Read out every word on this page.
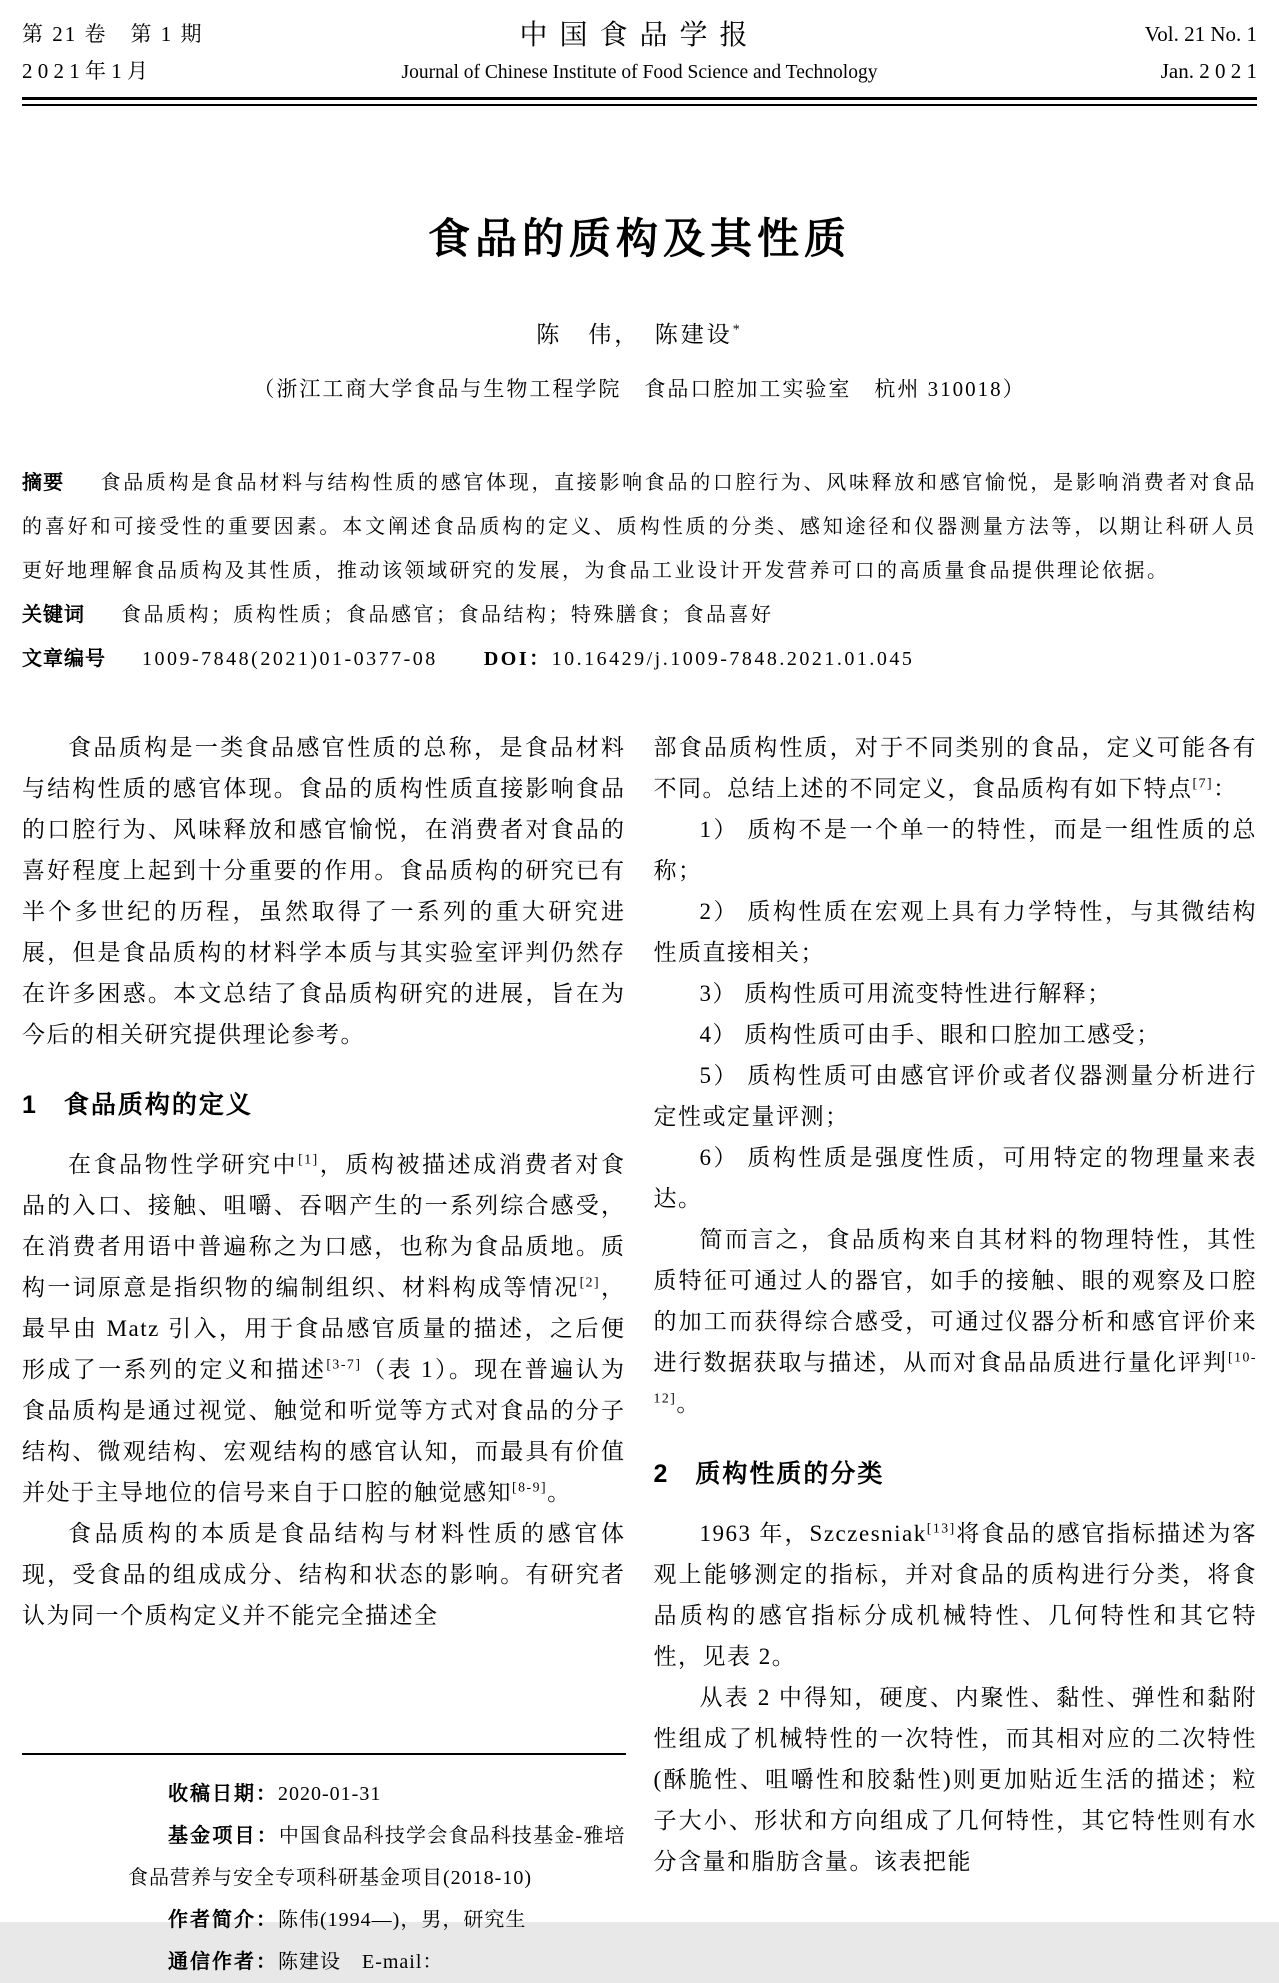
第 21 卷　第 1 期
2 0 2 1 年 1 月
中国食品学报
Journal of Chinese Institute of Food Science and Technology
Vol. 21 No. 1
Jan. 2 0 2 1
食品的质构及其性质
陈　伟，　陈建设*
（浙江工商大学食品与生物工程学院　食品口腔加工实验室　杭州 310018）

摘要 食品质构是食品材料与结构性质的感官体现，直接影响食品的口腔行为、风味释放和感官愉悦，是影响消费者对食品的喜好和可接受性的重要因素。本文阐述食品质构的定义、质构性质的分类、感知途径和仪器测量方法等，以期让科研人员更好地理解食品质构及其性质，推动该领域研究的发展，为食品工业设计开发营养可口的高质量食品提供理论依据。

关键词 食品质构；质构性质；食品感官；食品结构；特殊膳食；食品喜好

文章编号 1009-7848(2021)01-0377-08 DOI：10.16429/j.1009-7848.2021.01.045

食品质构是一类食品感官性质的总称，是食品材料与结构性质的感官体现。食品的质构性质直接影响食品的口腔行为、风味释放和感官愉悦，在消费者对食品的喜好程度上起到十分重要的作用。食品质构的研究已有半个多世纪的历程，虽然取得了一系列的重大研究进展，但是食品质构的材料学本质与其实验室评判仍然存在许多困惑。本文总结了食品质构研究的进展，旨在为今后的相关研究提供理论参考。

1 食品质构的定义

在食品物性学研究中[1]，质构被描述成消费者对食品的入口、接触、咀嚼、吞咽产生的一系列综合感受，在消费者用语中普遍称之为口感，也称为食品质地。质构一词原意是指织物的编制组织、材料构成等情况[2]，最早由 Matz 引入，用于食品感官质量的描述，之后便形成了一系列的定义和描述[3-7]（表 1）。现在普遍认为食品质构是通过视觉、触觉和听觉等方式对食品的分子结构、微观结构、宏观结构的感官认知，而最具有价值并处于主导地位的信号来自于口腔的触觉感知[8-9]。

食品质构的本质是食品结构与材料性质的感官体现，受食品的组成成分、结构和状态的影响。有研究者认为同一个质构定义并不能完全描述全

收稿日期：2020-01-31

基金项目：中国食品科技学会食品科技基金-雅培食品营养与安全专项科研基金项目(2018-10)

作者简介：陈伟(1994—)，男，研究生

通信作者：陈建设　E-mail：

部食品质构性质，对于不同类别的食品，定义可能各有不同。总结上述的不同定义，食品质构有如下特点[7]：

1） 质构不是一个单一的特性，而是一组性质的总称；

2） 质构性质在宏观上具有力学特性，与其微结构性质直接相关；

3） 质构性质可用流变特性进行解释；

4） 质构性质可由手、眼和口腔加工感受；

5） 质构性质可由感官评价或者仪器测量分析进行定性或定量评测；

6） 质构性质是强度性质，可用特定的物理量来表达。

简而言之，食品质构来自其材料的物理特性，其性质特征可通过人的器官，如手的接触、眼的观察及口腔的加工而获得综合感受，可通过仪器分析和感官评价来进行数据获取与描述，从而对食品品质进行量化评判[10-12]。

2 质构性质的分类

1963 年，Szczesniak[13]将食品的感官指标描述为客观上能够测定的指标，并对食品的质构进行分类，将食品质构的感官指标分成机械特性、几何特性和其它特性，见表 2。

从表 2 中得知，硬度、内聚性、黏性、弹性和黏附性组成了机械特性的一次特性，而其相对应的二次特性(酥脆性、咀嚼性和胶黏性)则更加贴近生活的描述；粒子大小、形状和方向组成了几何特性，其它特性则有水分含量和脂肪含量。该表把能
